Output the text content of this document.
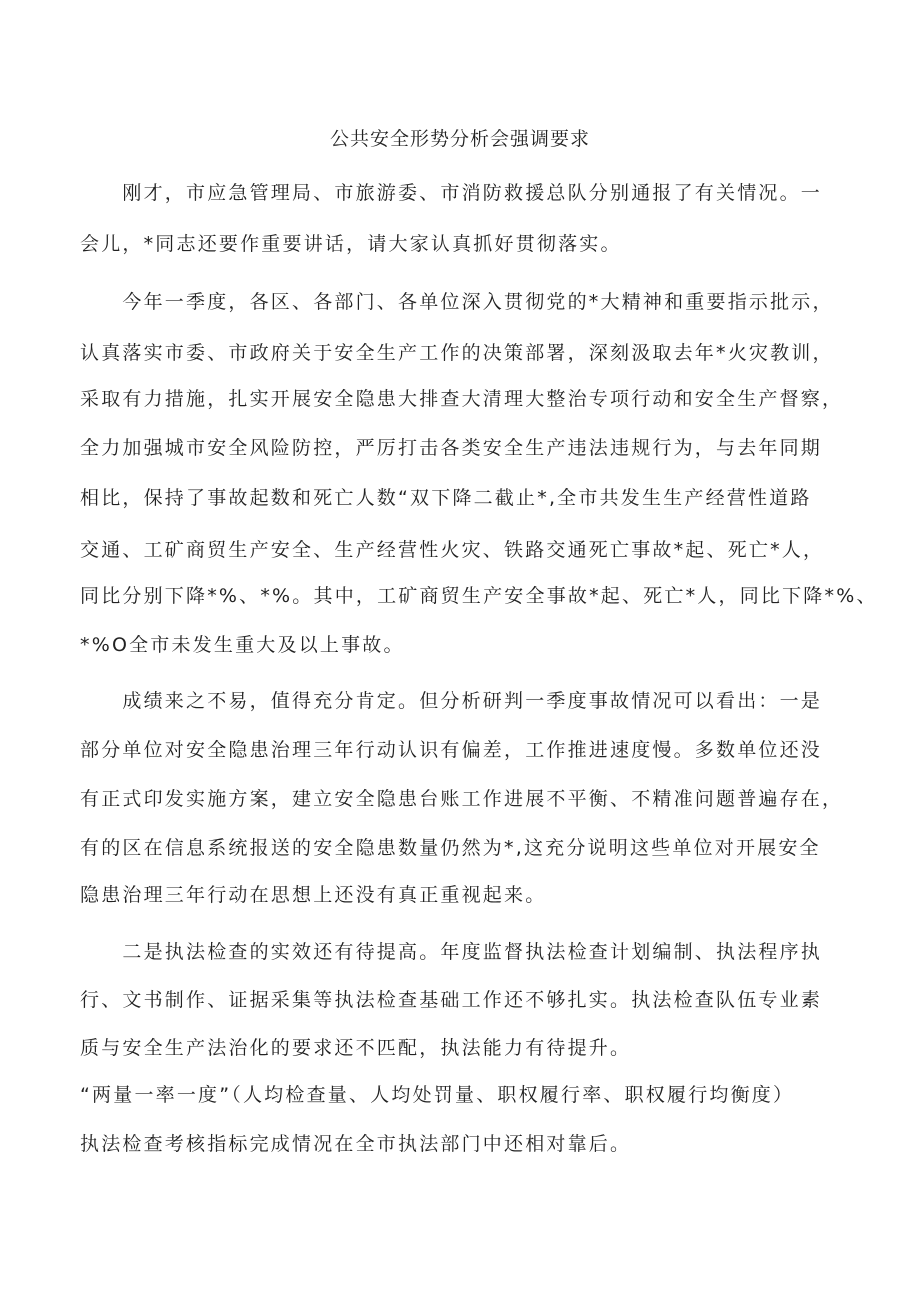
公共安全形势分析会强调要求
　　刚才，市应急管理局、市旅游委、市消防救援总队分别通报了有关情况。一
会儿，*同志还要作重要讲话，请大家认真抓好贯彻落实。
　　今年一季度，各区、各部门、各单位深入贯彻党的*大精神和重要指示批示，
认真落实市委、市政府关于安全生产工作的决策部署，深刻汲取去年*火灾教训，
采取有力措施，扎实开展安全隐患大排查大清理大整治专项行动和安全生产督察，
全力加强城市安全风险防控，严厉打击各类安全生产违法违规行为，与去年同期
相比，保持了事故起数和死亡人数“双下降二截止*,全市共发生生产经营性道路
交通、工矿商贸生产安全、生产经营性火灾、铁路交通死亡事故*起、死亡*人，
同比分别下降*%、*%。其中，工矿商贸生产安全事故*起、死亡*人，同比下降*%、
*%O全市未发生重大及以上事故。
　　成绩来之不易，值得充分肯定。但分析研判一季度事故情况可以看出：一是
部分单位对安全隐患治理三年行动认识有偏差，工作推进速度慢。多数单位还没
有正式印发实施方案，建立安全隐患台账工作进展不平衡、不精准问题普遍存在，
有的区在信息系统报送的安全隐患数量仍然为*,这充分说明这些单位对开展安全
隐患治理三年行动在思想上还没有真正重视起来。
　　二是执法检查的实效还有待提高。年度监督执法检查计划编制、执法程序执
行、文书制作、证据采集等执法检查基础工作还不够扎实。执法检查队伍专业素
质与安全生产法治化的要求还不匹配，执法能力有待提升。
“两量一率一度”（人均检查量、人均处罚量、职权履行率、职权履行均衡度）
执法检查考核指标完成情况在全市执法部门中还相对靠后。
